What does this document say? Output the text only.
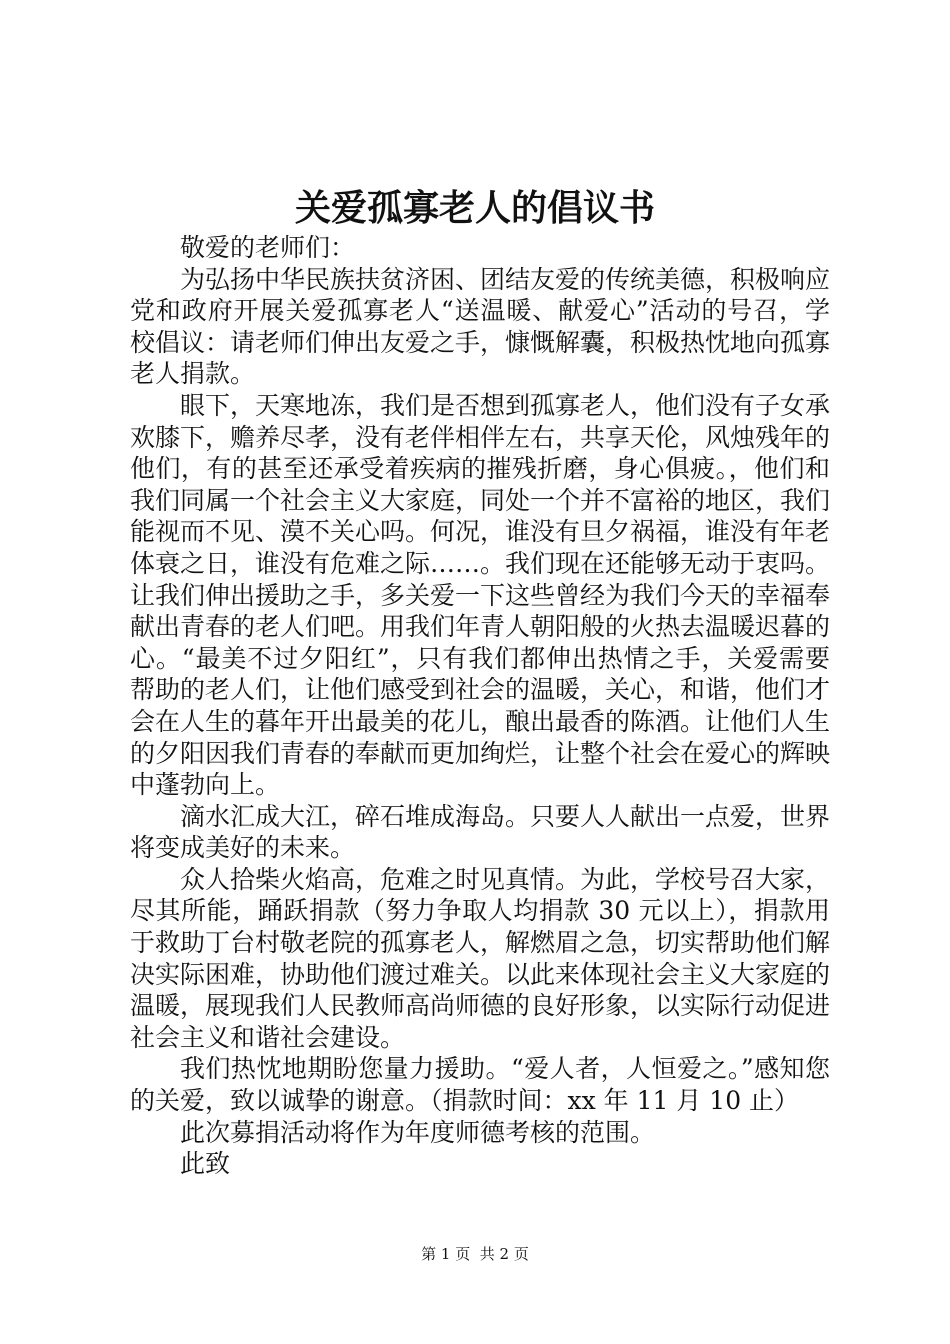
关爱孤寡老人的倡议书

敬爱的老师们：

为弘扬中华民族扶贫济困、团结友爱的传统美德，积极响应党和政府开展关爱孤寡老人“送温暖、献爱心”活动的号召，学校倡议：请老师们伸出友爱之手，慷慨解囊，积极热忱地向孤寡老人捐款。

眼下，天寒地冻，我们是否想到孤寡老人，他们没有子女承欢膝下，赡养尽孝，没有老伴相伴左右，共享天伦，风烛残年的他们，有的甚至还承受着疾病的摧残折磨，身心俱疲。，他们和我们同属一个社会主义大家庭，同处一个并不富裕的地区，我们能视而不见、漠不关心吗。何况，谁没有旦夕祸福，谁没有年老体衰之日，谁没有危难之际……。我们现在还能够无动于衷吗。让我们伸出援助之手，多关爱一下这些曾经为我们今天的幸福奉献出青春的老人们吧。用我们年青人朝阳般的火热去温暖迟暮的心。“最美不过夕阳红”，只有我们都伸出热情之手，关爱需要帮助的老人们，让他们感受到社会的温暖，关心，和谐，他们才会在人生的暮年开出最美的花儿，酿出最香的陈酒。让他们人生的夕阳因我们青春的奉献而更加绚烂，让整个社会在爱心的辉映中蓬勃向上。

滴水汇成大江，碎石堆成海岛。只要人人献出一点爱，世界将变成美好的未来。

众人拾柴火焰高，危难之时见真情。为此，学校号召大家，尽其所能，踊跃捐款（努力争取人均捐款 30 元以上），捐款用于救助丁台村敬老院的孤寡老人，解燃眉之急，切实帮助他们解决实际困难，协助他们渡过难关。以此来体现社会主义大家庭的温暖，展现我们人民教师高尚师德的良好形象，以实际行动促进社会主义和谐社会建设。

我们热忱地期盼您量力援助。“爱人者，人恒爱之。”感知您的关爱，致以诚挚的谢意。（捐款时间：xx 年 11 月 10 止）

此次募捐活动将作为年度师德考核的范围。

此致

第 1 页 共 2 页
